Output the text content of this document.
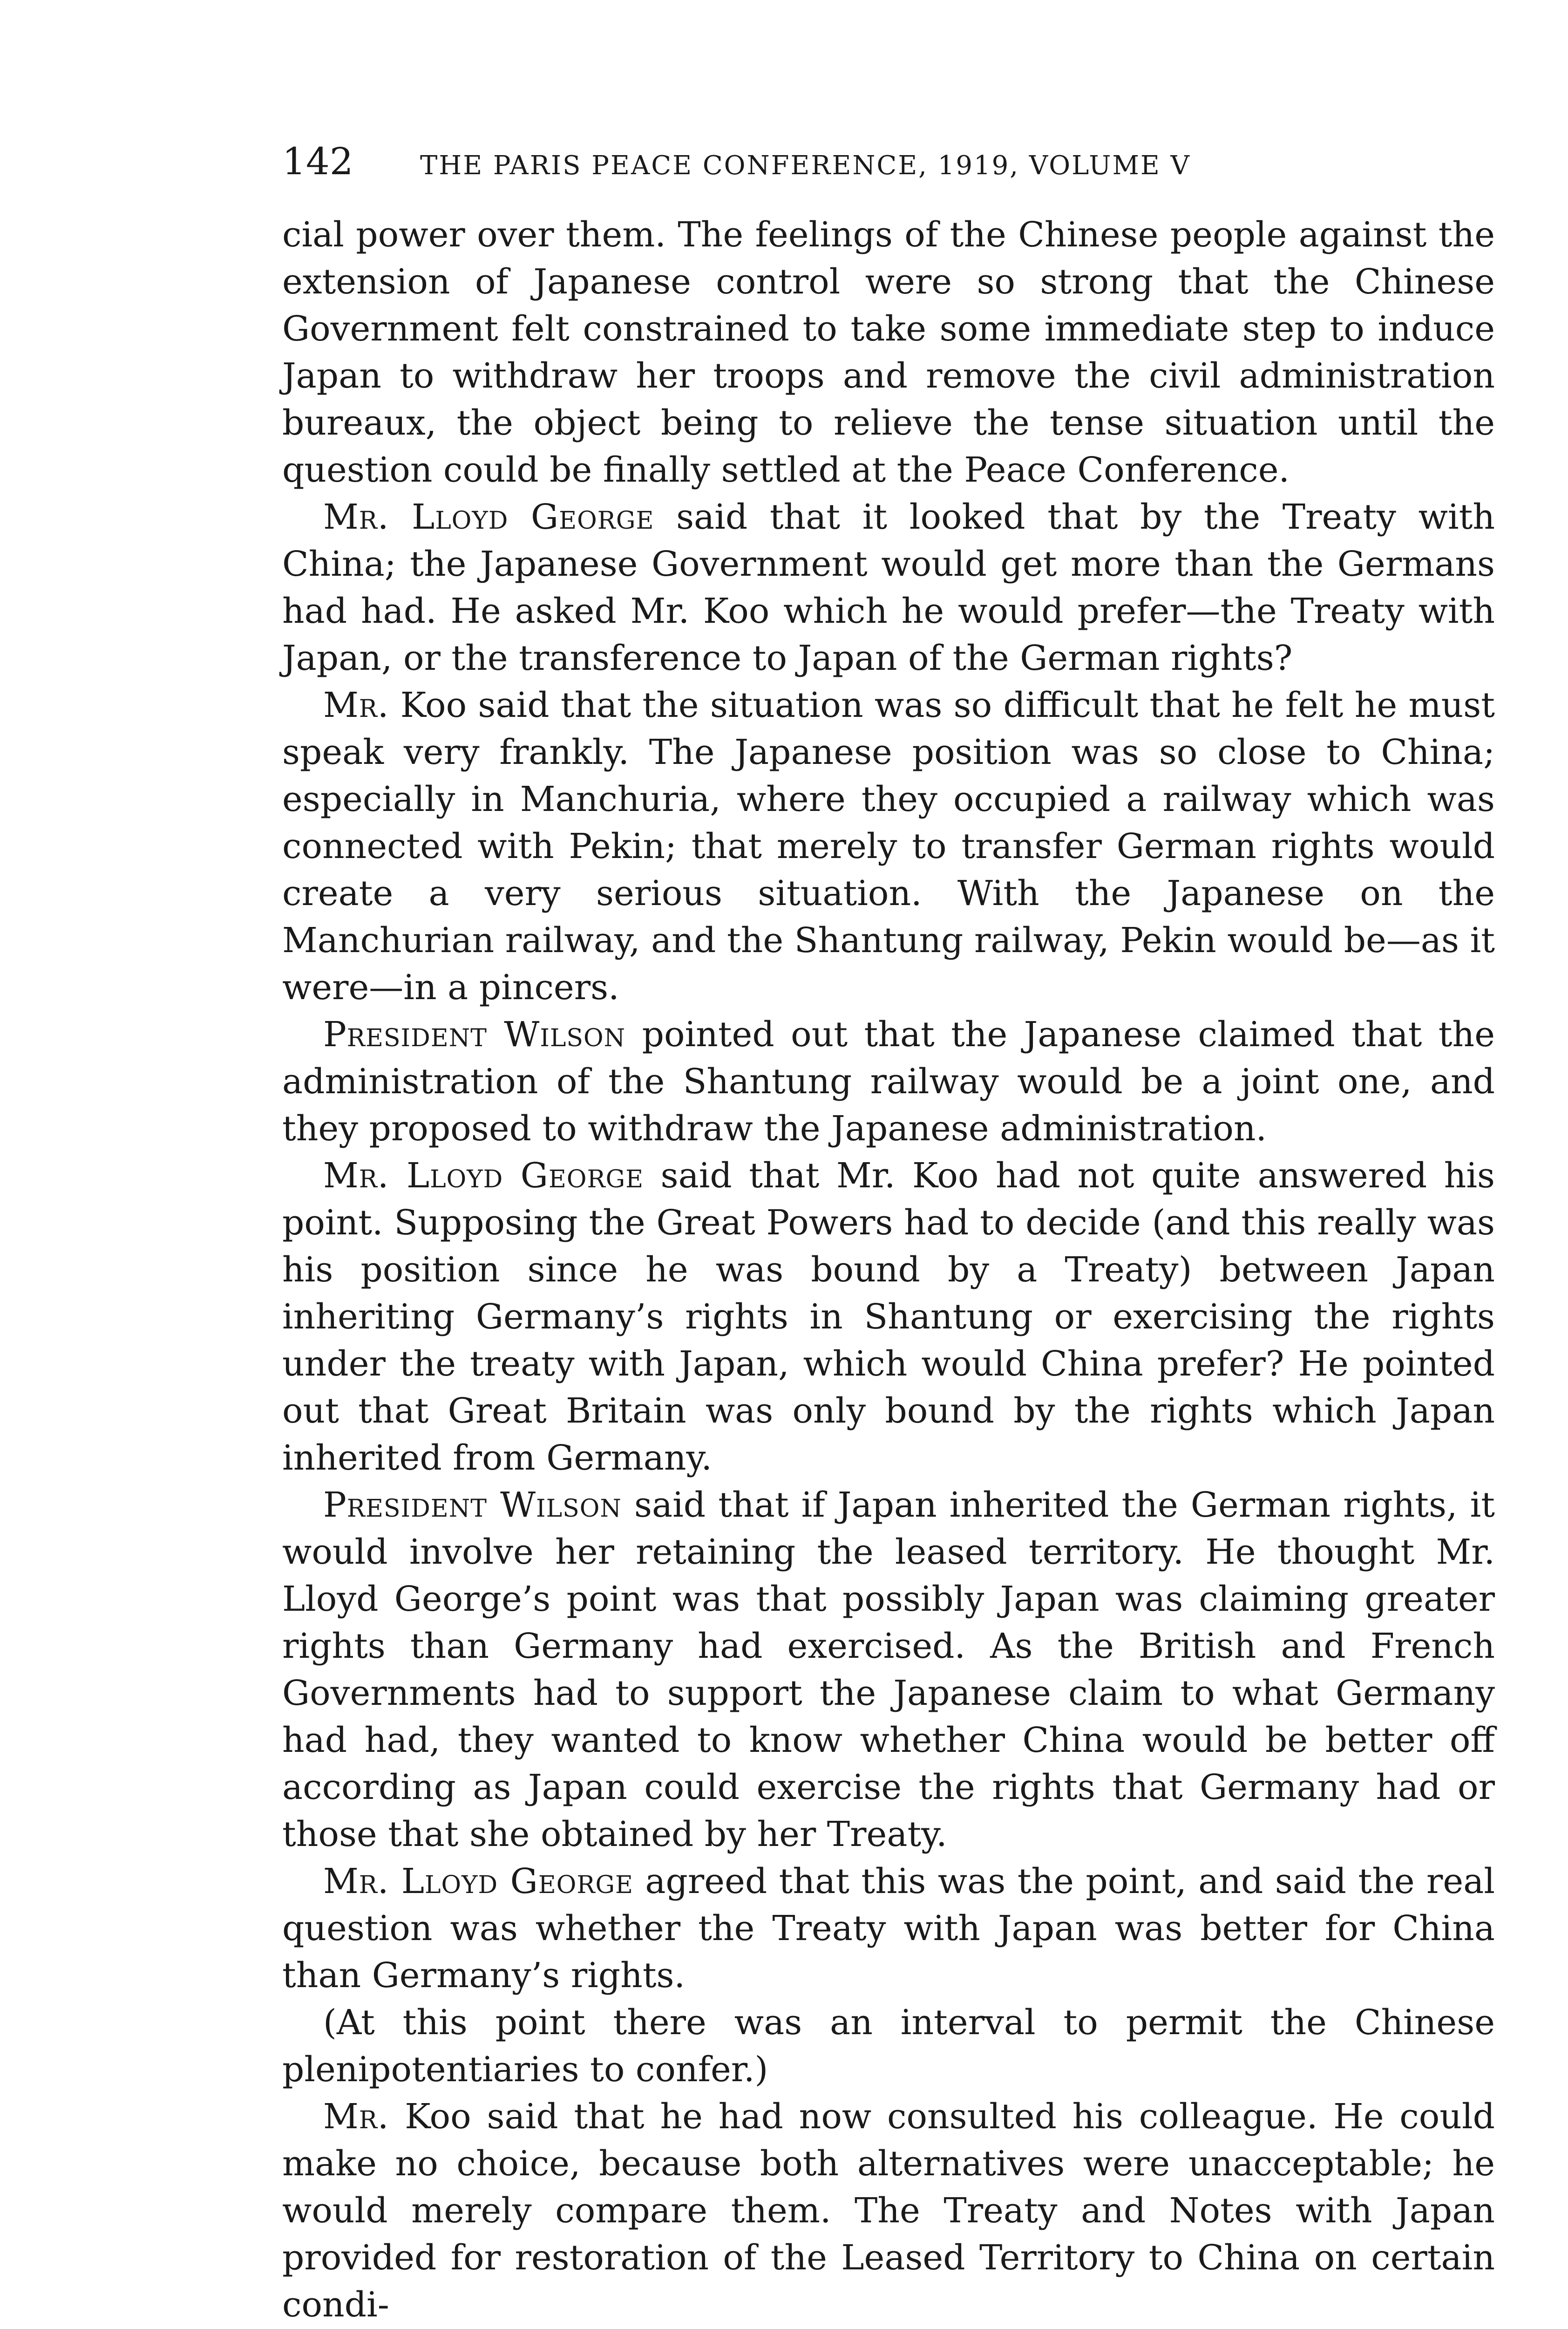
142	THE PARIS PEACE CONFERENCE, 1919, VOLUME V

cial power over them. The feelings of the Chinese people against the extension of Japanese control were so strong that the Chinese Government felt constrained to take some immediate step to induce Japan to withdraw her troops and remove the civil administration bureaux, the object being to relieve the tense situation until the question could be finally settled at the Peace Conference.

Mr. Lloyd George said that it looked that by the Treaty with China; the Japanese Government would get more than the Germans had had. He asked Mr. Koo which he would prefer—the Treaty with Japan, or the transference to Japan of the German rights?

Mr. Koo said that the situation was so difficult that he felt he must speak very frankly. The Japanese position was so close to China; especially in Manchuria, where they occupied a railway which was connected with Pekin; that merely to transfer German rights would create a very serious situation. With the Japanese on the Manchurian railway, and the Shantung railway, Pekin would be—as it were—in a pincers.

President Wilson pointed out that the Japanese claimed that the administration of the Shantung railway would be a joint one, and they proposed to withdraw the Japanese administration.

Mr. Lloyd George said that Mr. Koo had not quite answered his point. Supposing the Great Powers had to decide (and this really was his position since he was bound by a Treaty) between Japan inheriting Germany’s rights in Shantung or exercising the rights under the treaty with Japan, which would China prefer? He pointed out that Great Britain was only bound by the rights which Japan inherited from Germany.

President Wilson said that if Japan inherited the German rights, it would involve her retaining the leased territory. He thought Mr. Lloyd George’s point was that possibly Japan was claiming greater rights than Germany had exercised. As the British and French Governments had to support the Japanese claim to what Germany had had, they wanted to know whether China would be better off according as Japan could exercise the rights that Germany had or those that she obtained by her Treaty.

Mr. Lloyd George agreed that this was the point, and said the real question was whether the Treaty with Japan was better for China than Germany’s rights.

(At this point there was an interval to permit the Chinese plenipotentiaries to confer.)

Mr. Koo said that he had now consulted his colleague. He could make no choice, because both alternatives were unacceptable; he would merely compare them. The Treaty and Notes with Japan provided for restoration of the Leased Territory to China on certain condi-
